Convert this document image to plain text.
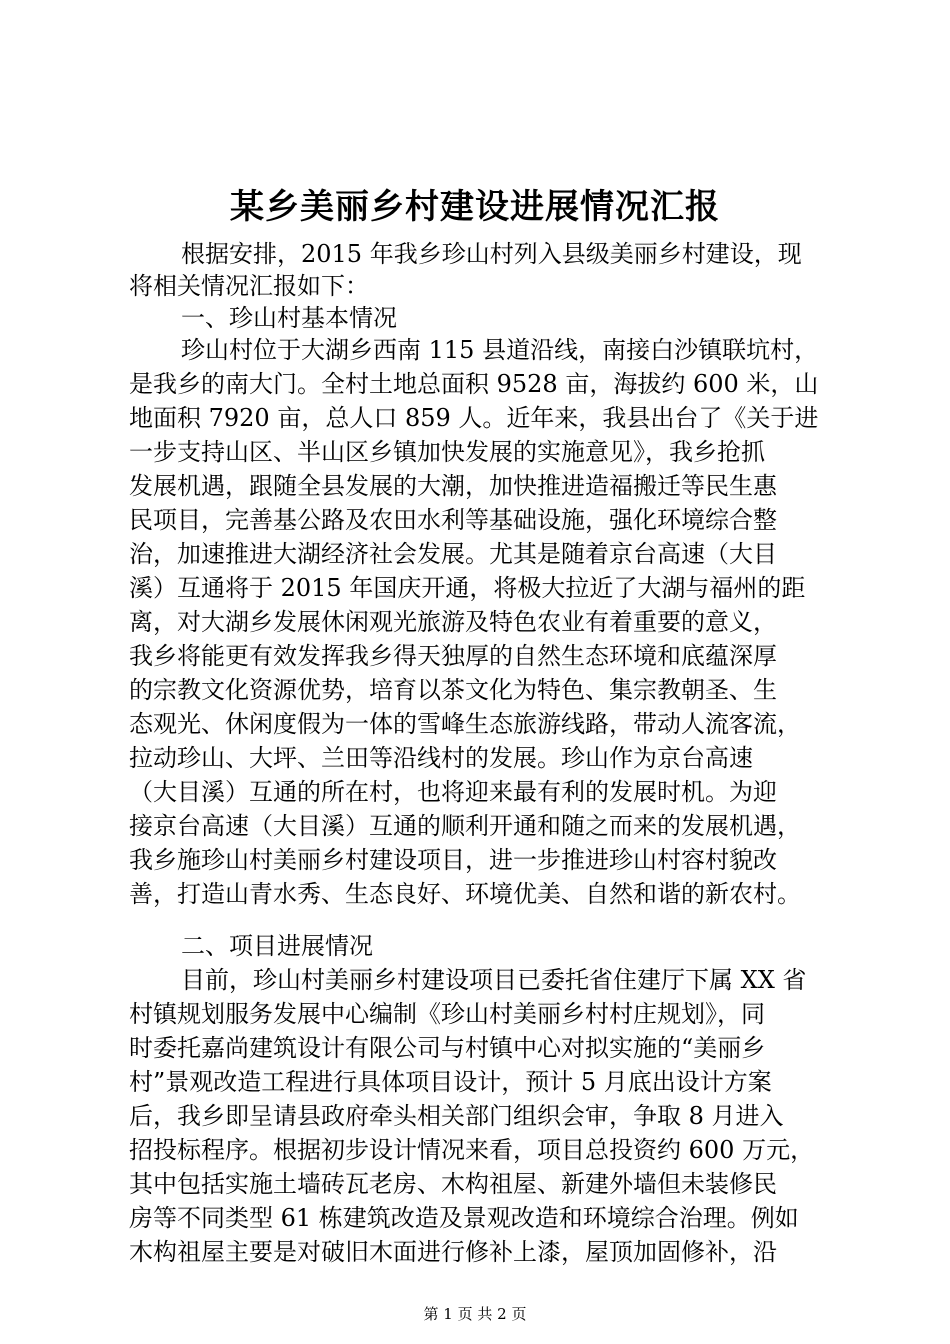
某乡美丽乡村建设进展情况汇报
根据安排，2015 年我乡珍山村列入县级美丽乡村建设，现
将相关情况汇报如下：
一、珍山村基本情况
珍山村位于大湖乡西南 115 县道沿线，南接白沙镇联坑村，
是我乡的南大门。全村土地总面积 9528 亩，海拔约 600 米，山
地面积 7920 亩，总人口 859 人。近年来，我县出台了《关于进
一步支持山区、半山区乡镇加快发展的实施意见》，我乡抢抓
发展机遇，跟随全县发展的大潮，加快推进造福搬迁等民生惠
民项目，完善基公路及农田水利等基础设施，强化环境综合整
治，加速推进大湖经济社会发展。尤其是随着京台高速（大目
溪）互通将于 2015 年国庆开通，将极大拉近了大湖与福州的距
离，对大湖乡发展休闲观光旅游及特色农业有着重要的意义，
我乡将能更有效发挥我乡得天独厚的自然生态环境和底蕴深厚
的宗教文化资源优势，培育以茶文化为特色、集宗教朝圣、生
态观光、休闲度假为一体的雪峰生态旅游线路，带动人流客流，
拉动珍山、大坪、兰田等沿线村的发展。珍山作为京台高速
（大目溪）互通的所在村，也将迎来最有利的发展时机。为迎
接京台高速（大目溪）互通的顺利开通和随之而来的发展机遇，
我乡施珍山村美丽乡村建设项目，进一步推进珍山村容村貌改
善，打造山青水秀、生态良好、环境优美、自然和谐的新农村。
二、项目进展情况
目前，珍山村美丽乡村建设项目已委托省住建厅下属 XX 省
村镇规划服务发展中心编制《珍山村美丽乡村村庄规划》，同
时委托嘉尚建筑设计有限公司与村镇中心对拟实施的“美丽乡
村”景观改造工程进行具体项目设计，预计 5 月底出设计方案
后，我乡即呈请县政府牵头相关部门组织会审，争取 8 月进入
招投标程序。根据初步设计情况来看，项目总投资约 600 万元，
其中包括实施土墙砖瓦老房、木构祖屋、新建外墙但未装修民
房等不同类型 61 栋建筑改造及景观改造和环境综合治理。例如
木构祖屋主要是对破旧木面进行修补上漆，屋顶加固修补，沿
第 1 页 共 2 页
